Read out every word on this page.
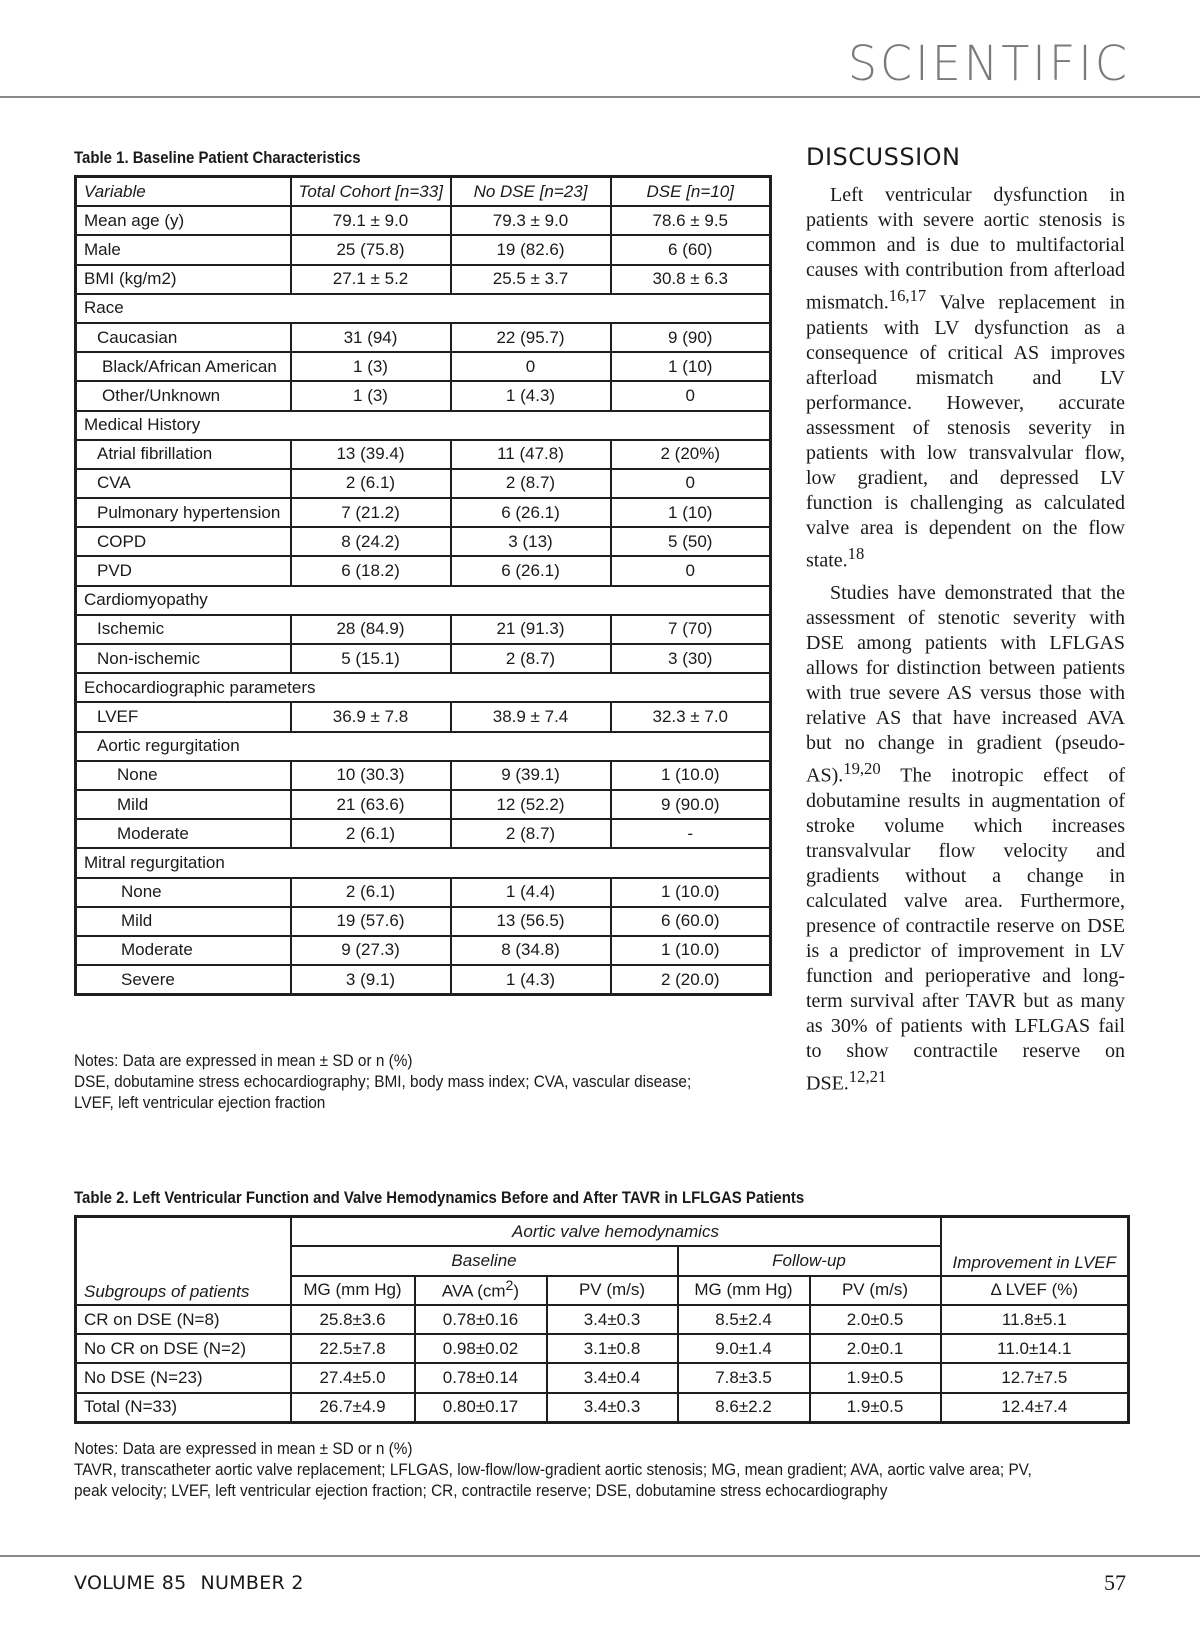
SCIENTIFIC
Table 1. Baseline Patient Characteristics
Variable	Total Cohort [n=33]	No DSE [n=23]	DSE [n=10]
Mean age (y)	79.1 ± 9.0	79.3 ± 9.0	78.6 ± 9.5
Male	25 (75.8)	19 (82.6)	6 (60)
BMI (kg/m2)	27.1 ± 5.2	25.5 ± 3.7	30.8 ± 6.3
Race			
Caucasian	31 (94)	22 (95.7)	9 (90)
Black/African American	1 (3)	0	1 (10)
Other/Unknown	1 (3)	1 (4.3)	0
Medical History			
Atrial fibrillation	13 (39.4)	11 (47.8)	2 (20%)
CVA	2 (6.1)	2 (8.7)	0
Pulmonary hypertension	7 (21.2)	6 (26.1)	1 (10)
COPD	8 (24.2)	3 (13)	5 (50)
PVD	6 (18.2)	6 (26.1)	0
Cardiomyopathy			
Ischemic	28 (84.9)	21 (91.3)	7 (70)
Non-ischemic	5 (15.1)	2 (8.7)	3 (30)
Echocardiographic parameters			
LVEF	36.9 ± 7.8	38.9 ± 7.4	32.3 ± 7.0
Aortic regurgitation			
None	10 (30.3)	9 (39.1)	1 (10.0)
Mild	21 (63.6)	12 (52.2)	9 (90.0)
Moderate	2 (6.1)	2 (8.7)	-
Mitral regurgitation			
None	2 (6.1)	1 (4.4)	1 (10.0)
Mild	19 (57.6)	13 (56.5)	6 (60.0)
Moderate	9 (27.3)	8 (34.8)	1 (10.0)
Severe	3 (9.1)	1 (4.3)	2 (20.0)
Notes: Data are expressed in mean ± SD or n (%)
DSE, dobutamine stress echocardiography; BMI, body mass index; CVA, vascular disease;
LVEF, left ventricular ejection fraction
DISCUSSION

Left ventricular dysfunction in patients with severe aortic stenosis is common and is due to multifactorial causes with contribution from afterload mismatch.$^{16,17}$ Valve replacement in patients with LV dysfunction as a consequence of critical AS improves afterload mismatch and LV performance. However, accurate assessment of stenosis severity in patients with low transvalvular flow, low gradient, and depressed LV function is challenging as calculated valve area is dependent on the flow state.$^{18}$

Studies have demonstrated that the assessment of stenotic severity with DSE among patients with LFLGAS allows for distinction between patients with true severe AS versus those with relative AS that have increased AVA but no change in gradient (pseudo-AS).$^{19,20}$ The inotropic effect of dobutamine results in augmentation of stroke volume which increases transvalvular flow velocity and gradients without a change in calculated valve area. Furthermore, presence of contractile reserve on DSE is a predictor of improvement in LV function and perioperative and long-term survival after TAVR but as many as 30% of patients with LFLGAS fail to show contractile reserve on DSE.$^{12,21}$

Table 2. Left Ventricular Function and Valve Hemodynamics Before and After TAVR in LFLGAS Patients
Subgroups of patients	Aortic valve hemodynamics					Improvement in LVEF
	Baseline			Follow-up		
	MG (mm Hg)	AVA $(cm^2)$	PV (m/s)	MG (mm Hg)	PV (m/s)	Δ LVEF (%)
CR on DSE (N=8)	25.8±3.6	0.78±0.16	3.4±0.3	8.5±2.4	2.0±0.5	11.8±5.1
No CR on DSE (N=2)	22.5±7.8	0.98±0.02	3.1±0.8	9.0±1.4	2.0±0.1	11.0±14.1
No DSE (N=23)	27.4±5.0	0.78±0.14	3.4±0.4	7.8±3.5	1.9±0.5	12.7±7.5
Total (N=33)	26.7±4.9	0.80±0.17	3.4±0.3	8.6±2.2	1.9±0.5	12.4±7.4
Notes: Data are expressed in mean ± SD or n (%)
TAVR, transcatheter aortic valve replacement; LFLGAS, low-flow/low-gradient aortic stenosis; MG, mean gradient; AVA, aortic valve area; PV,
peak velocity; LVEF, left ventricular ejection fraction; CR, contractile reserve; DSE, dobutamine stress echocardiography
VOLUME 85 NUMBER 2	57
